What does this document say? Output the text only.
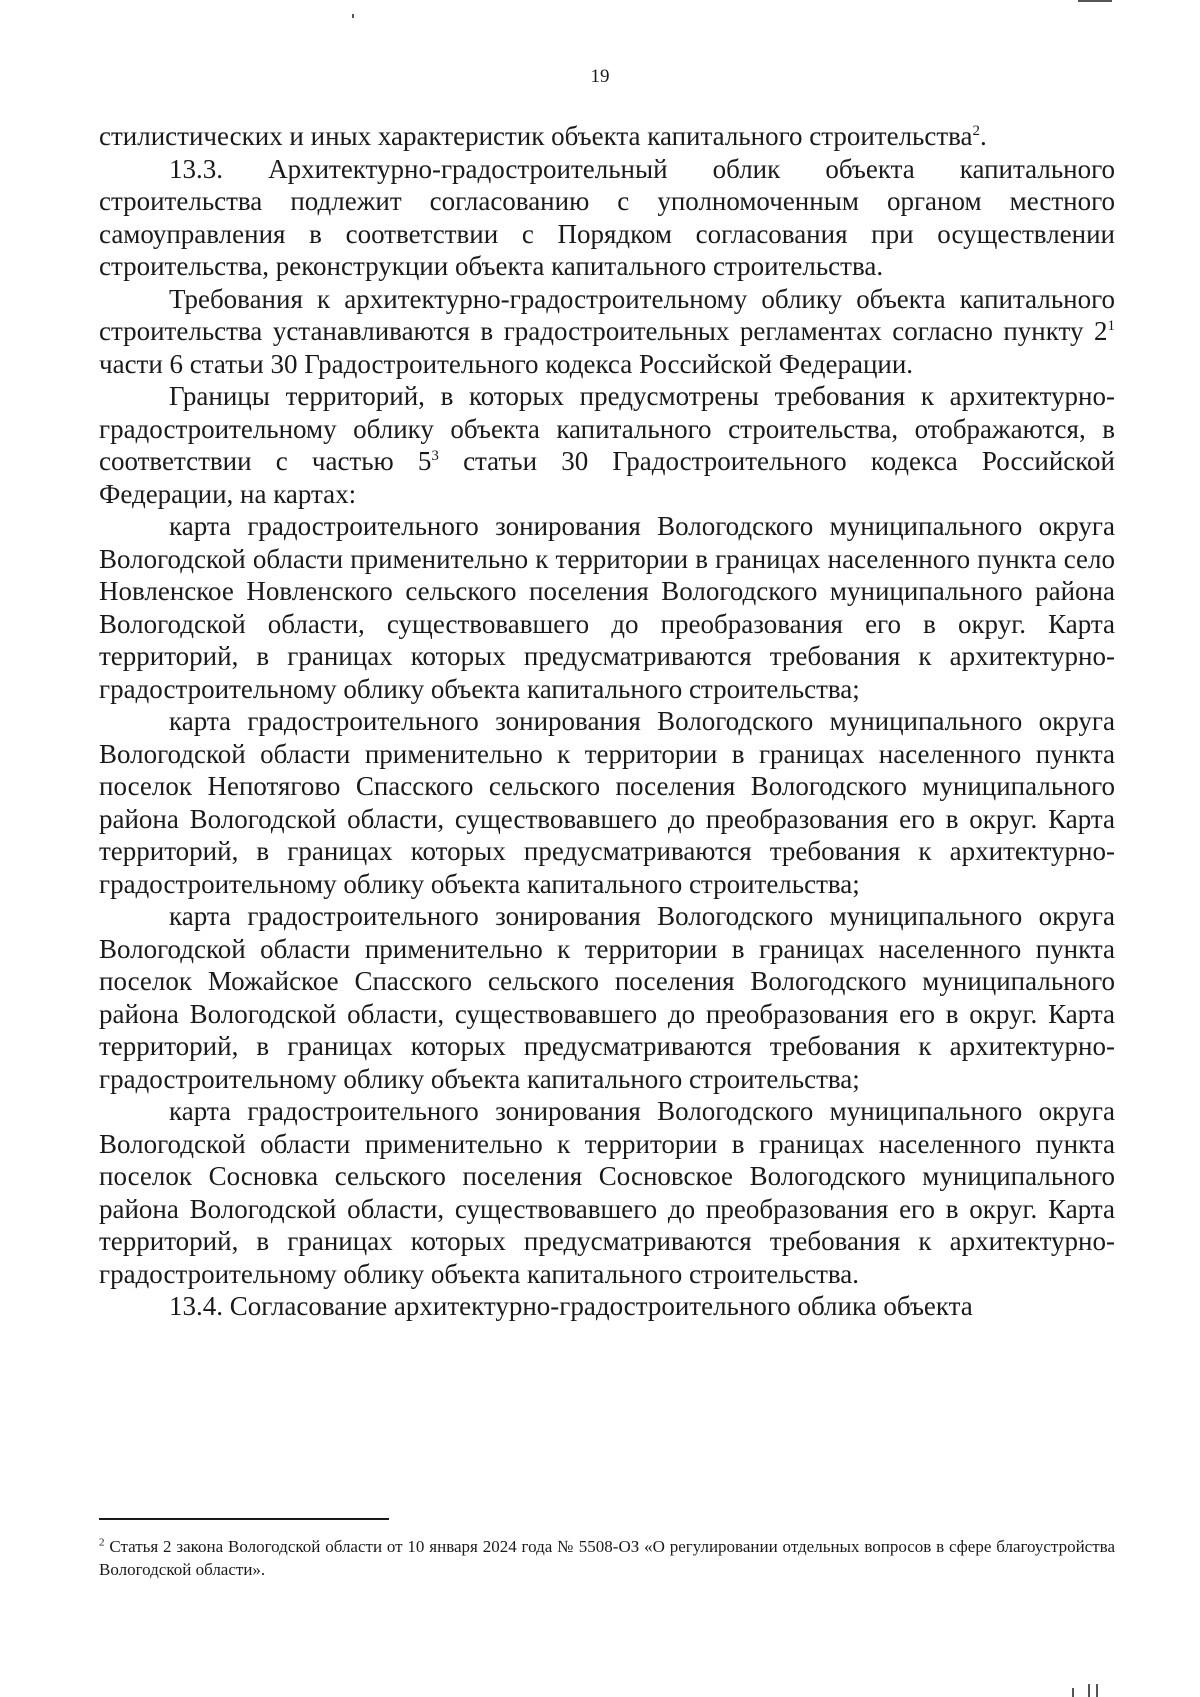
19

стилистических и иных характеристик объекта капитального строительства$^2$.

13.3. Архитектурно-градостроительный облик объекта капитального строительства подлежит согласованию с уполномоченным органом местного самоуправления в соответствии с Порядком согласования при осуществлении строительства, реконструкции объекта капитального строительства.

Требования к архитектурно-градостроительному облику объекта капитального строительства устанавливаются в градостроительных регламентах согласно пункту $2^1$ части 6 статьи 30 Градостроительного кодекса Российской Федерации.

Границы территорий, в которых предусмотрены требования к архитектурно-градостроительному облику объекта капитального строительства, отображаются, в соответствии с частью $5^3$ статьи 30 Градостроительного кодекса Российской Федерации, на картах:

карта градостроительного зонирования Вологодского муниципального округа Вологодской области применительно к территории в границах населенного пункта село Новленское Новленского сельского поселения Вологодского муниципального района Вологодской области, существовавшего до преобразования его в округ. Карта территорий, в границах которых предусматриваются требования к архитектурно-градостроительному облику объекта капитального строительства;

карта градостроительного зонирования Вологодского муниципального округа Вологодской области применительно к территории в границах населенного пункта поселок Непотягово Спасского сельского поселения Вологодского муниципального района Вологодской области, существовавшего до преобразования его в округ. Карта территорий, в границах которых предусматриваются требования к архитектурно-градостроительному облику объекта капитального строительства;

карта градостроительного зонирования Вологодского муниципального округа Вологодской области применительно к территории в границах населенного пункта поселок Можайское Спасского сельского поселения Вологодского муниципального района Вологодской области, существовавшего до преобразования его в округ. Карта территорий, в границах которых предусматриваются требования к архитектурно-градостроительному облику объекта капитального строительства;

карта градостроительного зонирования Вологодского муниципального округа Вологодской области применительно к территории в границах населенного пункта поселок Сосновка сельского поселения Сосновское Вологодского муниципального района Вологодской области, существовавшего до преобразования его в округ. Карта территорий, в границах которых предусматриваются требования к архитектурно-градостроительному облику объекта капитального строительства.

13.4. Согласование архитектурно-градостроительного облика объекта

$^2$ Статья 2 закона Вологодской области от 10 января 2024 года № 5508-ОЗ «О регулировании отдельных вопросов в сфере благоустройства Вологодской области».
